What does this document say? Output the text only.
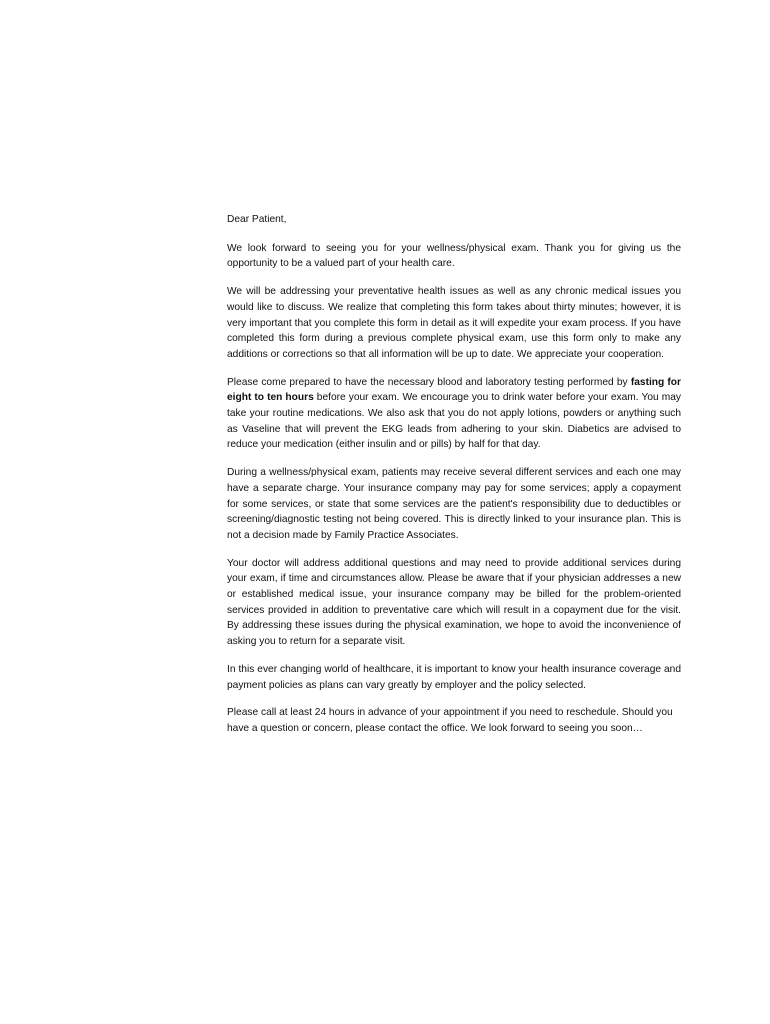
Dear Patient,

We look forward to seeing you for your wellness/physical exam. Thank you for giving us the opportunity to be a valued part of your health care.

We will be addressing your preventative health issues as well as any chronic medical issues you would like to discuss. We realize that completing this form takes about thirty minutes; however, it is very important that you complete this form in detail as it will expedite your exam process. If you have completed this form during a previous complete physical exam, use this form only to make any additions or corrections so that all information will be up to date. We appreciate your cooperation.

Please come prepared to have the necessary blood and laboratory testing performed by fasting for eight to ten hours before your exam. We encourage you to drink water before your exam. You may take your routine medications. We also ask that you do not apply lotions, powders or anything such as Vaseline that will prevent the EKG leads from adhering to your skin. Diabetics are advised to reduce your medication (either insulin and or pills) by half for that day.

During a wellness/physical exam, patients may receive several different services and each one may have a separate charge. Your insurance company may pay for some services; apply a copayment for some services, or state that some services are the patient's responsibility due to deductibles or screening/diagnostic testing not being covered. This is directly linked to your insurance plan. This is not a decision made by Family Practice Associates.

Your doctor will address additional questions and may need to provide additional services during your exam, if time and circumstances allow. Please be aware that if your physician addresses a new or established medical issue, your insurance company may be billed for the problem-oriented services provided in addition to preventative care which will result in a copayment due for the visit. By addressing these issues during the physical examination, we hope to avoid the inconvenience of asking you to return for a separate visit.

In this ever changing world of healthcare, it is important to know your health insurance coverage and payment policies as plans can vary greatly by employer and the policy selected.

Please call at least 24 hours in advance of your appointment if you need to reschedule. Should you have a question or concern, please contact the office. We look forward to seeing you soon…
